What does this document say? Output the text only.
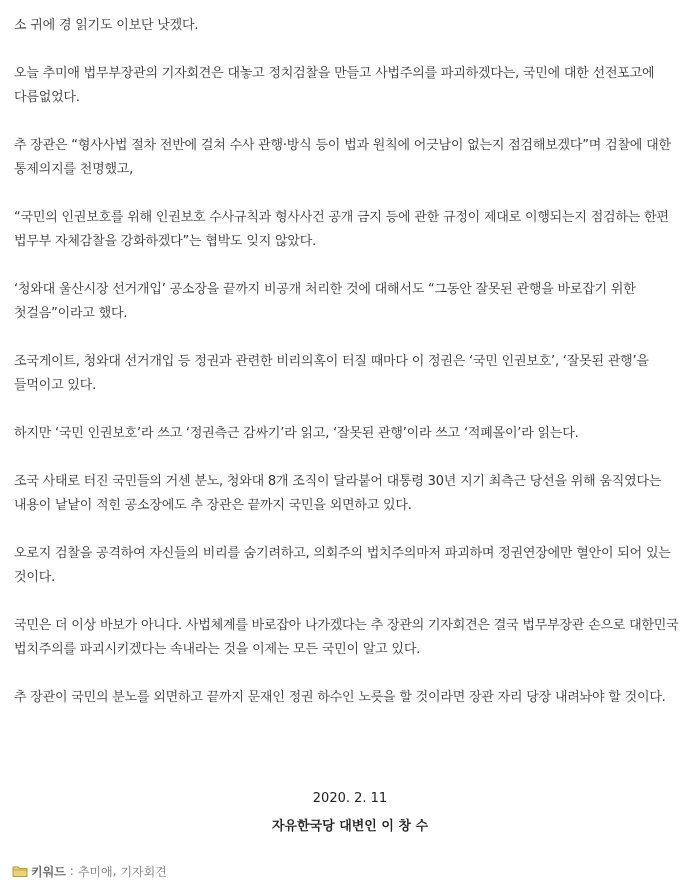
소 귀에 경 읽기도 이보단 낫겠다.

오늘 추미애 법무부장관의 기자회견은 대놓고 정치검찰을 만들고 사법주의를 파괴하겠다는, 국민에 대한 선전포고에 다름없었다.

추 장관은 “형사사법 절차 전반에 걸쳐 수사 관행·방식 등이 법과 원칙에 어긋남이 없는지 점검해보겠다”며 검찰에 대한 통제의지를 천명했고,

“국민의 인권보호를 위해 인권보호 수사규칙과 형사사건 공개 금지 등에 관한 규정이 제대로 이행되는지 점검하는 한편 법무부 자체감찰을 강화하겠다”는 협박도 잊지 않았다.

‘청와대 울산시장 선거개입’ 공소장을 끝까지 비공개 처리한 것에 대해서도 “그동안 잘못된 관행을 바로잡기 위한 첫걸음”이라고 했다.

조국게이트, 청와대 선거개입 등 정권과 관련한 비리의혹이 터질 때마다 이 정권은 ‘국민 인권보호’, ‘잘못된 관행’을 들먹이고 있다.

하지만 ‘국민 인권보호’라 쓰고 ‘정권측근 감싸기’라 읽고, ‘잘못된 관행’이라 쓰고 ‘적폐몰이’라 읽는다.

조국 사태로 터진 국민들의 거센 분노, 청와대 8개 조직이 달라붙어 대통령 30년 지기 최측근 당선을 위해 움직였다는 내용이 낱낱이 적힌 공소장에도 추 장관은 끝까지 국민을 외면하고 있다.

오로지 검찰을 공격하여 자신들의 비리를 숨기려하고, 의회주의 법치주의마저 파괴하며 정권연장에만 혈안이 되어 있는 것이다.

국민은 더 이상 바보가 아니다. 사법체계를 바로잡아 나가겠다는 추 장관의 기자회견은 결국 법무부장관 손으로 대한민국 법치주의를 파괴시키겠다는 속내라는 것을 이제는 모든 국민이 알고 있다.

추 장관이 국민의 분노를 외면하고 끝까지 문재인 정권 하수인 노릇을 할 것이라면 장관 자리 당장 내려놔야 할 것이다.

2020. 2. 11
자유한국당 대변인 이 창 수
키워드 : 추미애 , 기자회견
